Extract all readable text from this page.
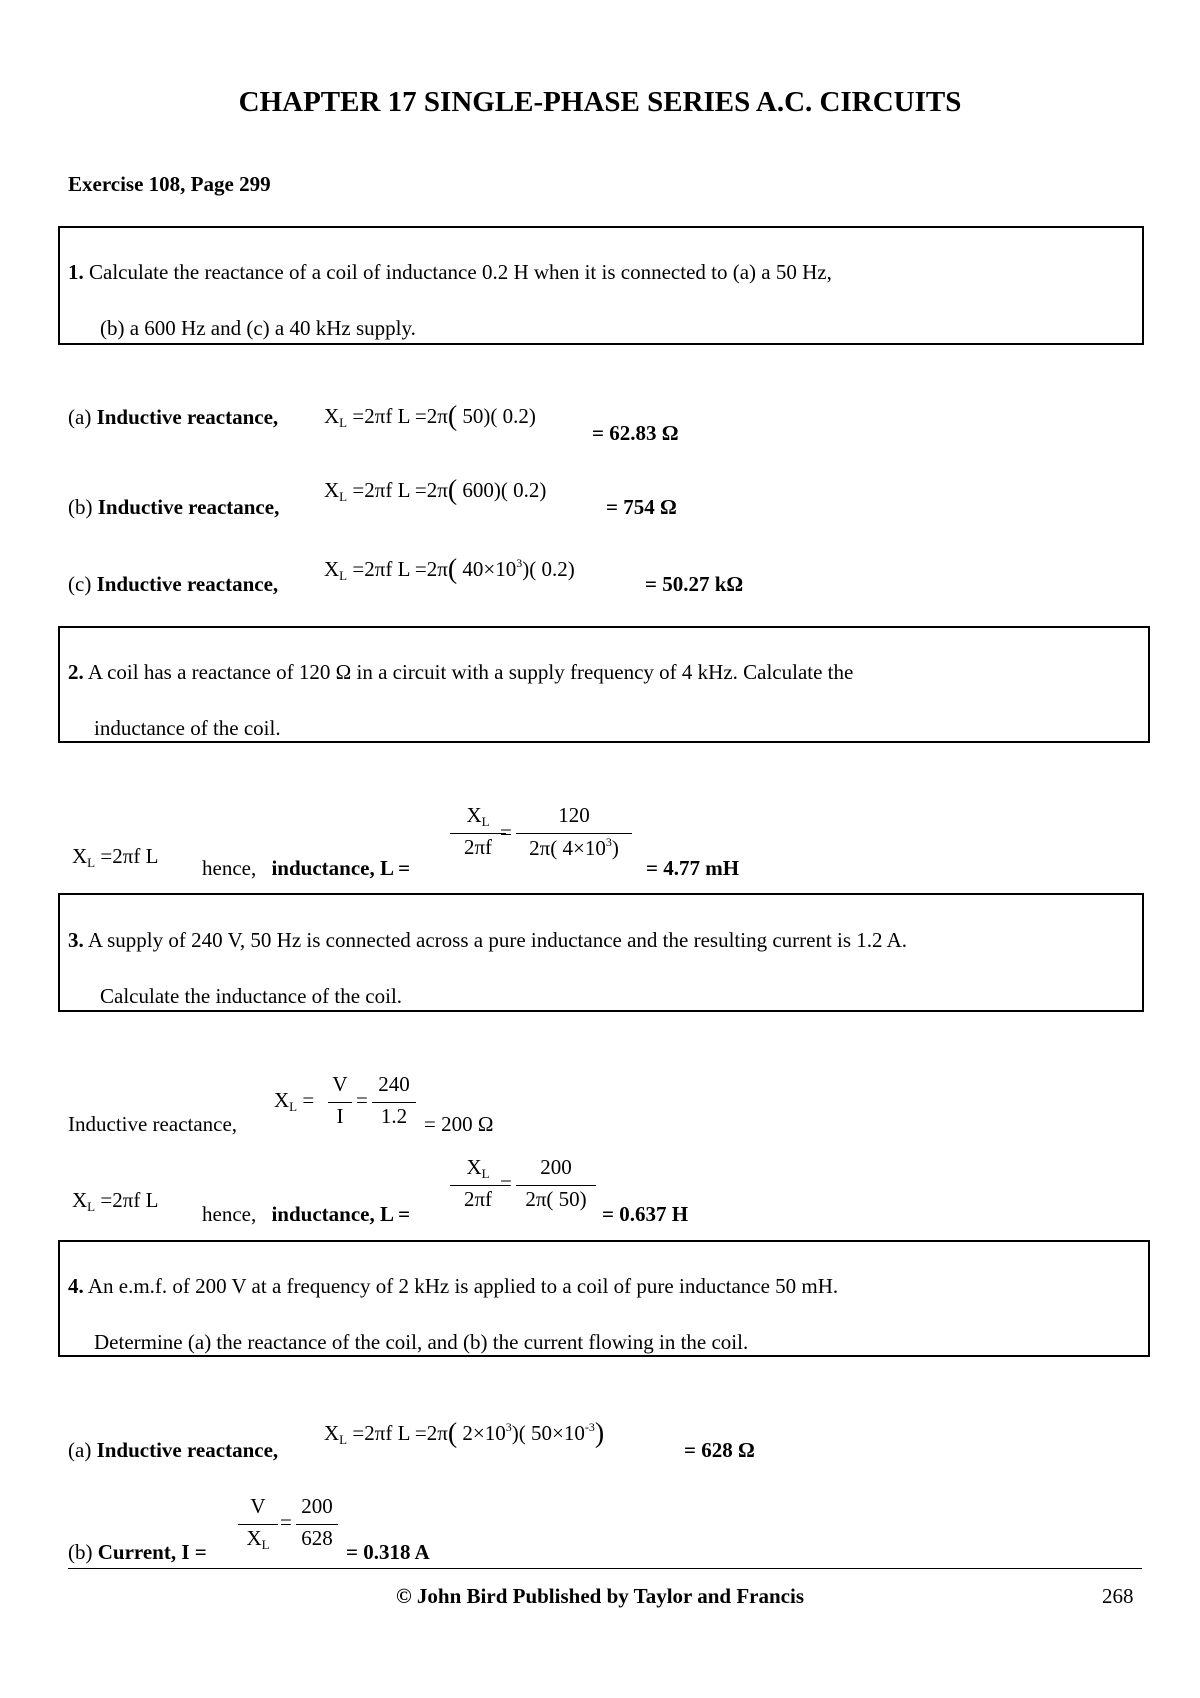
CHAPTER 17 SINGLE-PHASE SERIES A.C. CIRCUITS
Exercise 108, Page 299
1. Calculate the reactance of a coil of inductance 0.2 H when it is connected to (a) a 50 Hz,
(b) a 600 Hz and (c) a 40 kHz supply.
(a) Inductive reactance, $X_L =2\pi f$ L =2π( 50)( 0.2)
= 62.83 Ω
(b) Inductive reactance,
$X_L =2\pi f$ L =2π( 600)( 0.2)
= 754 Ω
(c) Inductive reactance,
$X_L =2\pi f$ L =2π( $40\times 10^3$)( 0.2)
= 50.27 kΩ
2. A coil has a reactance of 120 Ω in a circuit with a supply frequency of 4 kHz. Calculate the
inductance of the coil.
$X_L =2\pi f$ L hence, inductance, L =
$X_L$
2πf
=
120
2π( $4\times 10^3$)
= 4.77 mH
3. A supply of 240 V, 50 Hz is connected across a pure inductance and the resulting current is 1.2 A.
Calculate the inductance of the coil.
Inductive reactance,
$X_L$ =
V
I
=
240
1.2 = 200 Ω
$X_L =2\pi f$ L
hence, inductance, L =
$X_L$
2πf
=
200
2π( 50)
= 0.637 H
4. An e.m.f. of 200 V at a frequency of 2 kHz is applied to a coil of pure inductance 50 mH.
Determine (a) the reactance of the coil, and (b) the current flowing in the coil.
(a) Inductive reactance,
$X_L =2\pi f$ L =2π( $2\times 10^3$)( $50\times 10^{-3}$)
= 628 Ω
(b) Current, I =
V
$X_L$
=
200
628
= 0.318 A
© John Bird Published by Taylor and Francis	268
